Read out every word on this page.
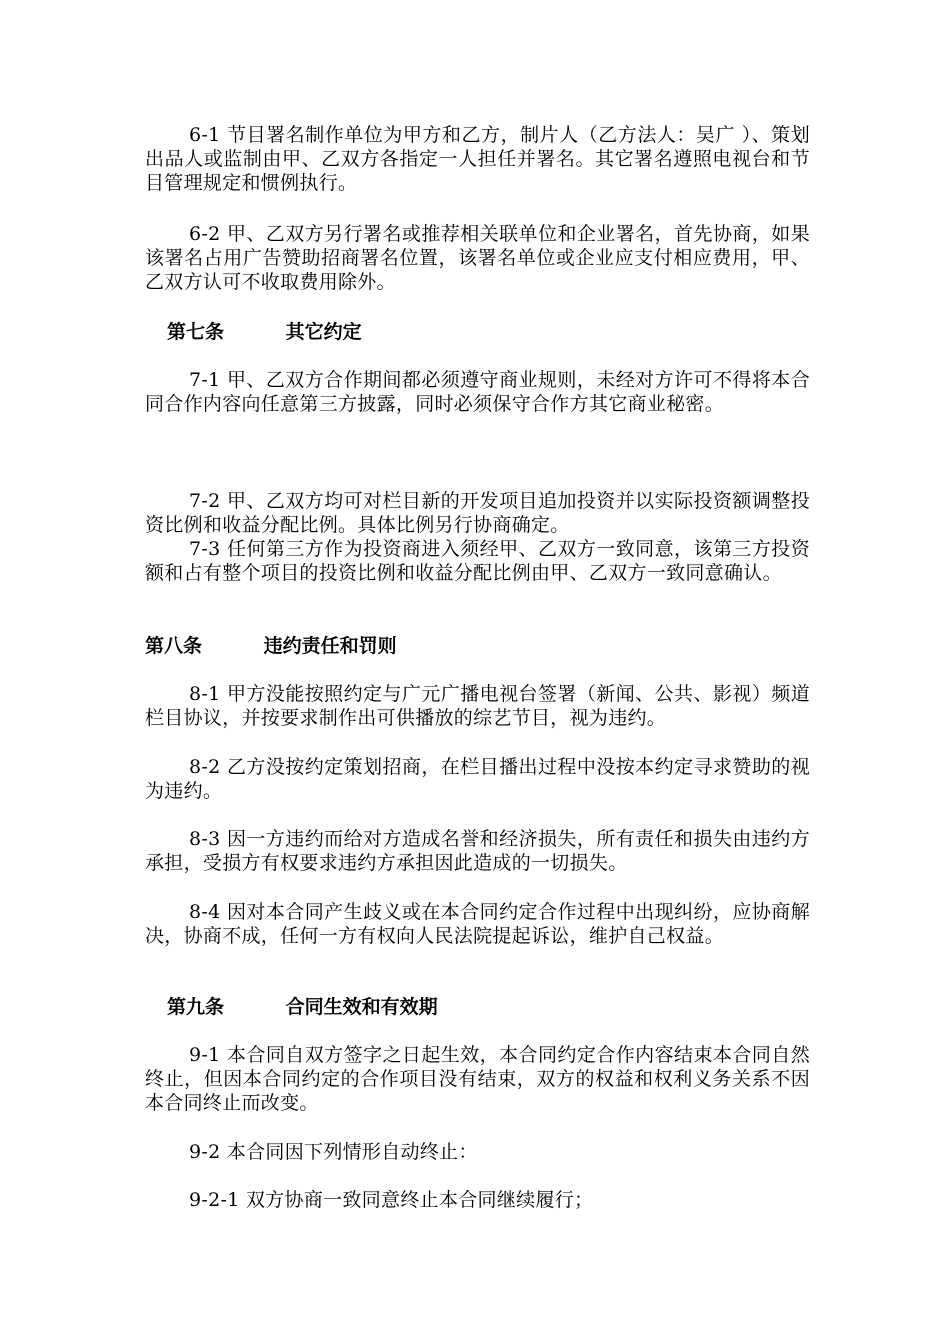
6-1 节目署名制作单位为甲方和乙方，制片人（乙方法人：吴广 ）、策划出品人或监制由甲、乙双方各指定一人担任并署名。其它署名遵照电视台和节目管理规定和惯例执行。

6-2 甲、乙双方另行署名或推荐相关联单位和企业署名，首先协商，如果该署名占用广告赞助招商署名位置，该署名单位或企业应支付相应费用，甲、乙双方认可不收取费用除外。

第七条	其它约定

7-1 甲、乙双方合作期间都必须遵守商业规则，未经对方许可不得将本合同合作内容向任意第三方披露，同时必须保守合作方其它商业秘密。

7-2 甲、乙双方均可对栏目新的开发项目追加投资并以实际投资额调整投资比例和收益分配比例。具体比例另行协商确定。

7-3 任何第三方作为投资商进入须经甲、乙双方一致同意，该第三方投资额和占有整个项目的投资比例和收益分配比例由甲、乙双方一致同意确认。

第八条	违约责任和罚则

8-1 甲方没能按照约定与广元广播电视台签署（新闻、公共、影视）频道栏目协议，并按要求制作出可供播放的综艺节目，视为违约。

8-2 乙方没按约定策划招商，在栏目播出过程中没按本约定寻求赞助的视为违约。

8-3 因一方违约而给对方造成名誉和经济损失，所有责任和损失由违约方承担，受损方有权要求违约方承担因此造成的一切损失。

8-4 因对本合同产生歧义或在本合同约定合作过程中出现纠纷，应协商解决，协商不成，任何一方有权向人民法院提起诉讼，维护自己权益。

第九条	合同生效和有效期

9-1 本合同自双方签字之日起生效，本合同约定合作内容结束本合同自然终止，但因本合同约定的合作项目没有结束，双方的权益和权利义务关系不因本合同终止而改变。

9-2 本合同因下列情形自动终止：

9-2-1 双方协商一致同意终止本合同继续履行；
